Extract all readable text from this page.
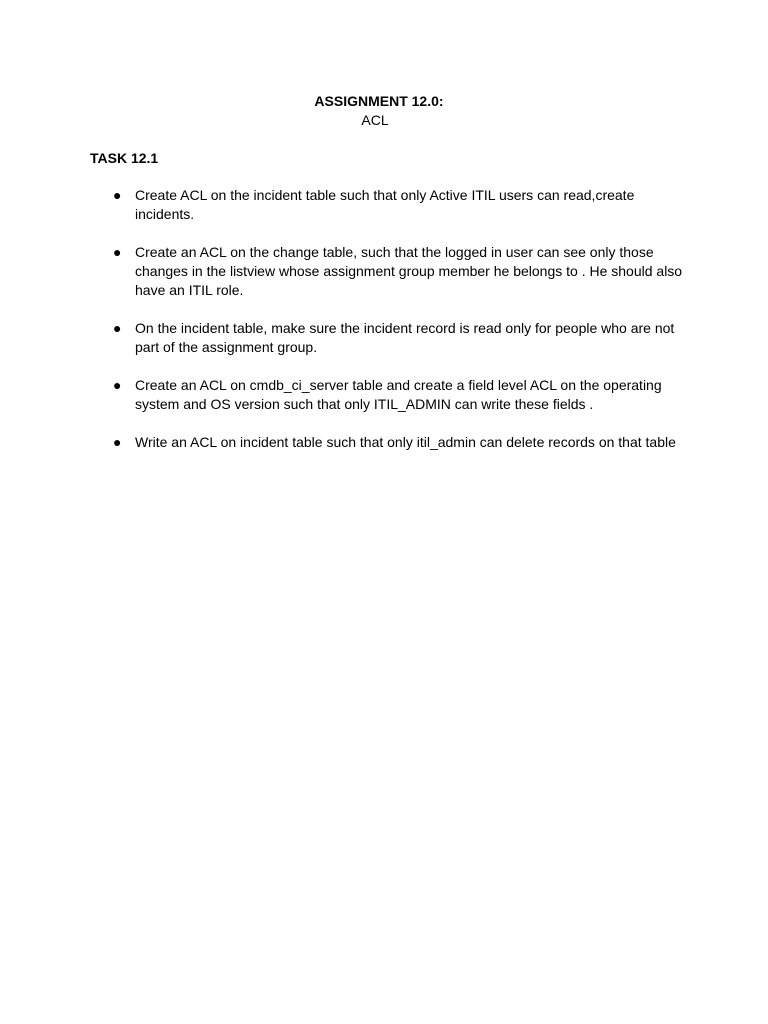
ASSIGNMENT 12.0:
ACL
TASK 12.1
● Create ACL on the incident table such that only Active ITIL users can read,create incidents.
● Create an ACL on the change table, such that the logged in user can see only those changes in the listview whose assignment group member he belongs to . He should also have an ITIL role.
● On the incident table, make sure the incident record is read only for people who are not part of the assignment group.
● Create an ACL on cmdb_ci_server table and create a field level ACL on the operating system and OS version such that only ITIL_ADMIN can write these fields .
● Write an ACL on incident table such that only itil_admin can delete records on that table
